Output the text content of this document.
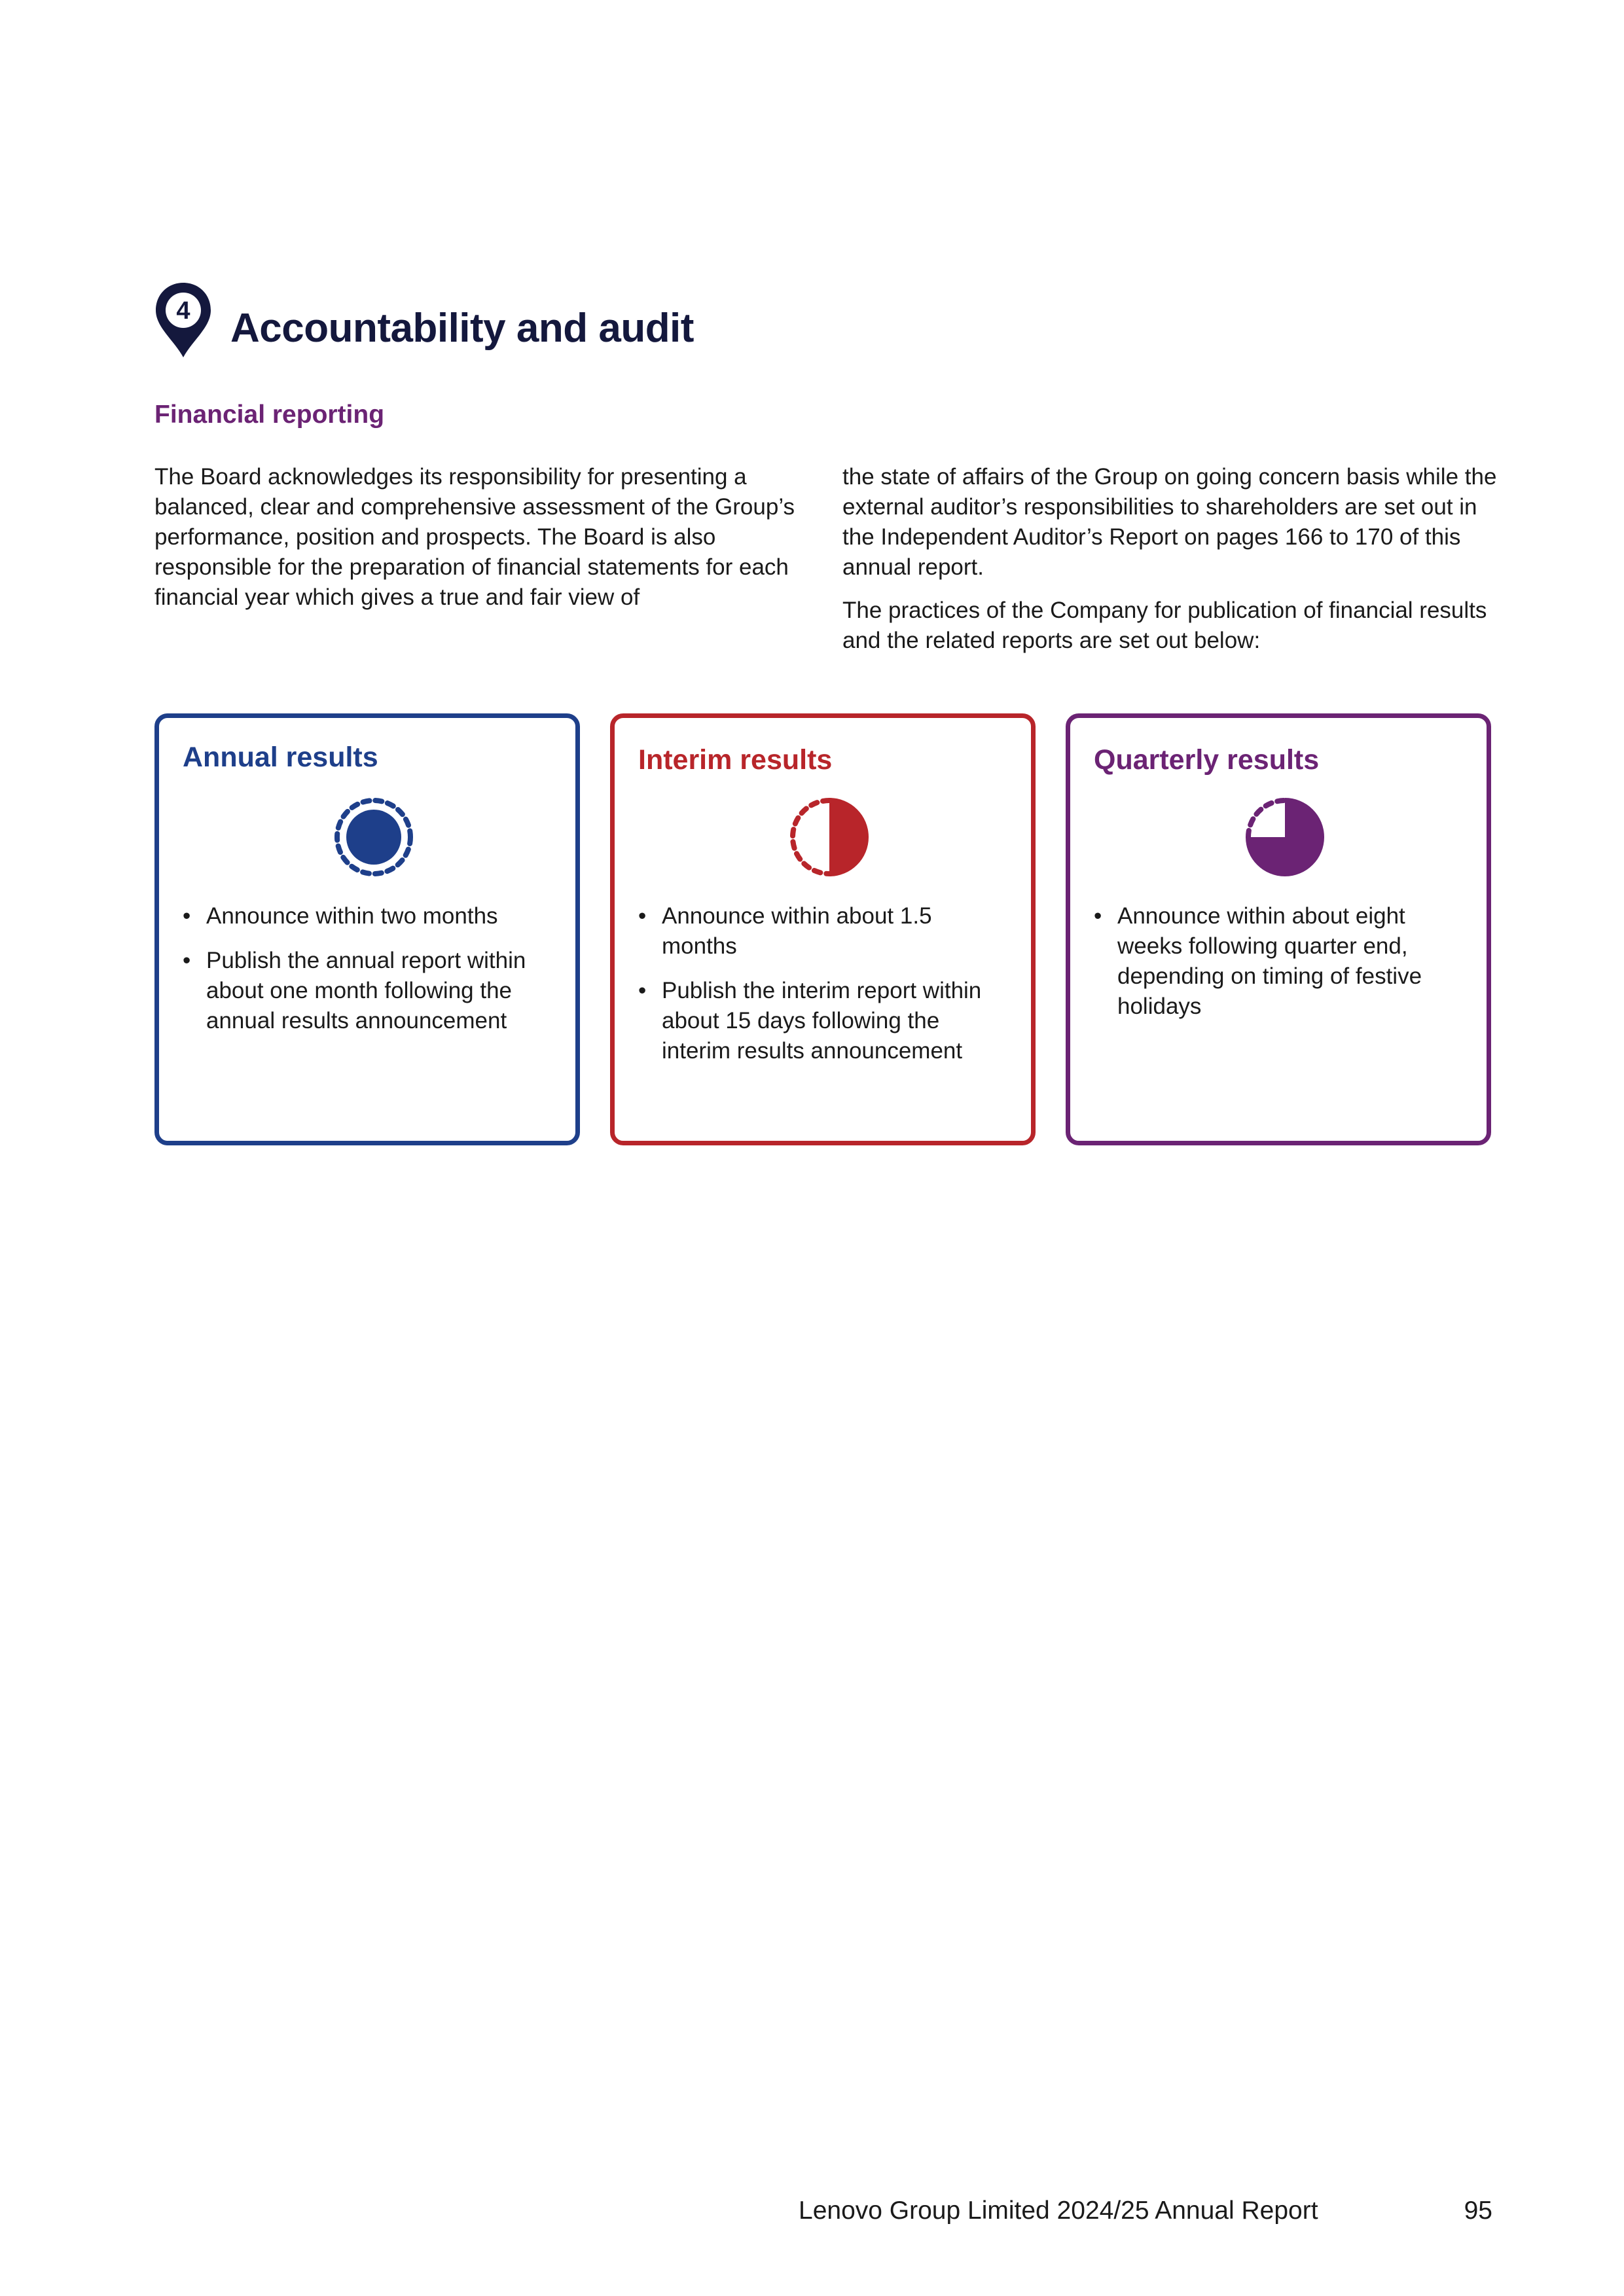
4 Accountability and audit
Financial reporting

The Board acknowledges its responsibility for presenting a balanced, clear and comprehensive assessment of the Group’s performance, position and prospects. The Board is also responsible for the preparation of financial statements for each financial year which gives a true and fair view of

the state of affairs of the Group on going concern basis while the external auditor’s responsibilities to shareholders are set out in the Independent Auditor’s Report on pages 166 to 170 of this annual report.

The practices of the Company for publication of financial results and the related reports are set out below:

Annual results
• Announce within two months
• Publish the annual report within about one month following the annual results announcement
Interim results
• Announce within about 1.5 months
• Publish the interim report within about 15 days following the interim results announcement
Quarterly results
• Announce within about eight weeks following quarter end, depending on timing of festive holidays
Lenovo Group Limited 2024/25 Annual Report	95
